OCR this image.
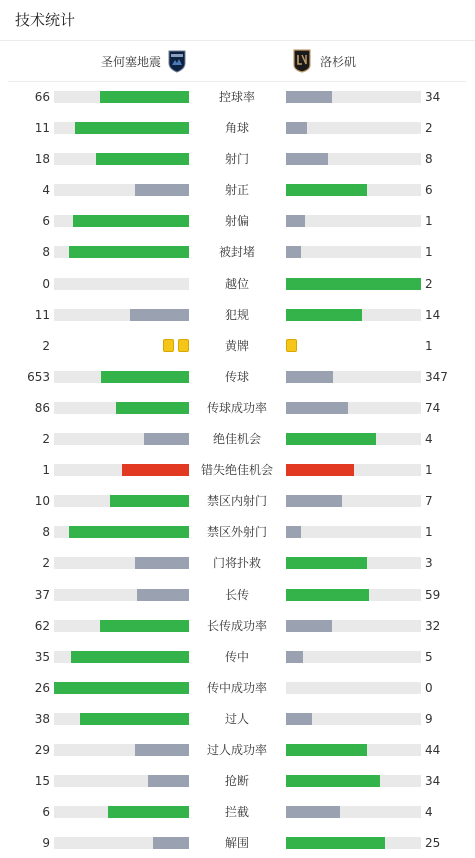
技术统计
圣何塞地震	洛杉矶
66	控球率	34
11	角球	2
18	射门	8
4	射正	6
6	射偏	1
8	被封堵	1
0	越位	2
11	犯规	14
2	黄牌	1
653	传球	347
86	传球成功率	74
2	绝佳机会	4
1	错失绝佳机会	1
10	禁区内射门	7
8	禁区外射门	1
2	门将扑救	3
37	长传	59
62	长传成功率	32
35	传中	5
26	传中成功率	0
38	过人	9
29	过人成功率	44
15	抢断	34
6	拦截	4
9	解围	25
